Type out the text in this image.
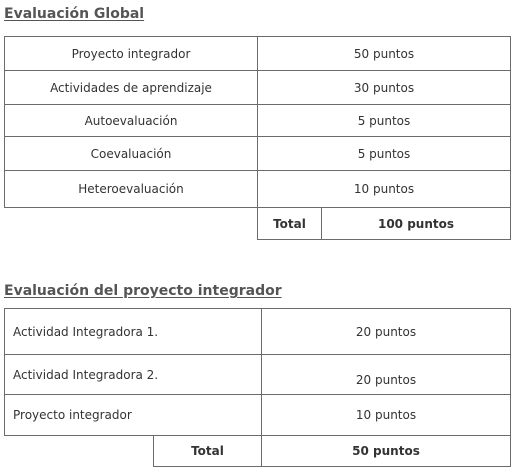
Evaluación Global
Proyecto integrador	50 puntos
Actividades de aprendizaje	30 puntos
Autoevaluación	5 puntos
Coevaluación	5 puntos
Heteroevaluación	10 puntos
Total	100 puntos
Evaluación del proyecto integrador
Actividad Integradora 1.	20 puntos
Actividad Integradora 2.	20 puntos
Proyecto integrador	10 puntos
Total	50 puntos
